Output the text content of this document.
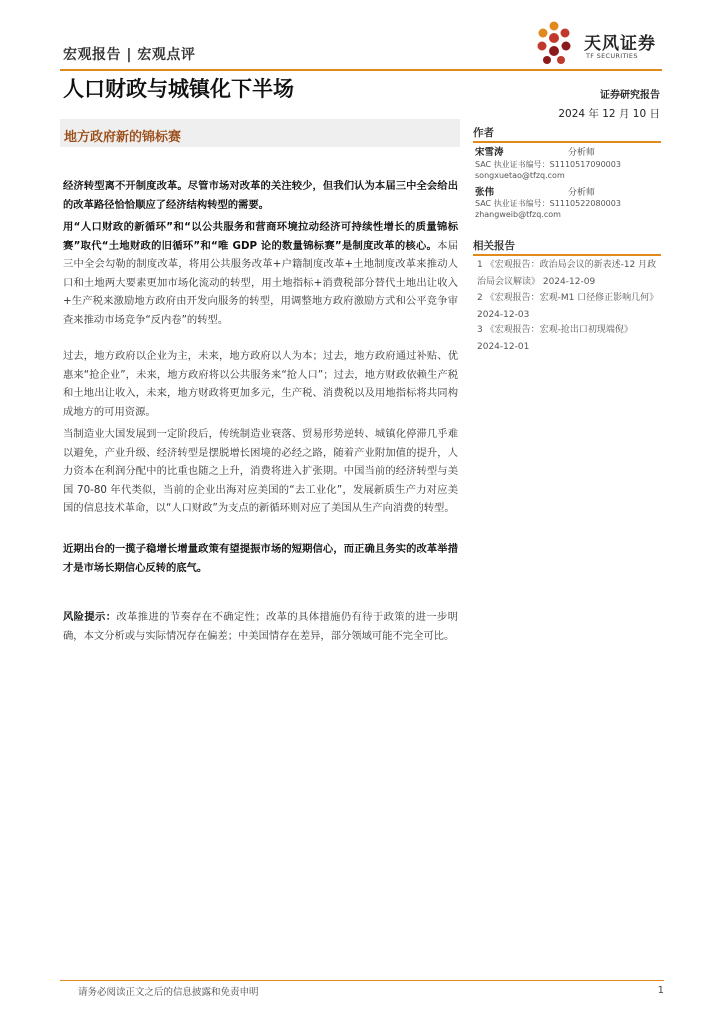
宏观报告 | 宏观点评
人口财政与城镇化下半场
天风证券
TF SECURITIES
证券研究报告
2024 年 12 月 10 日
地方政府新的锦标赛
经济转型离不开制度改革。尽管市场对改革的关注较少，但我们认为本届三中全会给出的改革路径恰恰顺应了经济结构转型的需要。
用“人口财政的新循环”和“以公共服务和营商环境拉动经济可持续性增长的质量锦标赛”取代“土地财政的旧循环”和“唯 GDP 论的数量锦标赛”是制度改革的核心。本届三中全会勾勒的制度改革，将用公共服务改革+户籍制度改革+土地制度改革来推动人口和土地两大要素更加市场化流动的转型，用土地指标+消费税部分替代土地出让收入+生产税来激励地方政府由开发向服务的转型，用调整地方政府激励方式和公平竞争审查来推动市场竞争“反内卷”的转型。
过去，地方政府以企业为主，未来，地方政府以人为本；过去，地方政府通过补贴、优惠来“抢企业”，未来，地方政府将以公共服务来“抢人口”；过去，地方财政依赖生产税和土地出让收入，未来，地方财政将更加多元，生产税、消费税以及用地指标将共同构成地方的可用资源。
当制造业大国发展到一定阶段后，传统制造业衰落、贸易形势逆转、城镇化停滞几乎难以避免，产业升级、经济转型是摆脱增长困境的必经之路，随着产业附加值的提升，人力资本在利润分配中的比重也随之上升，消费将进入扩张期。中国当前的经济转型与美国 70-80 年代类似，当前的企业出海对应美国的“去工业化”，发展新质生产力对应美国的信息技术革命，以“人口财政”为支点的新循环则对应了美国从生产向消费的转型。
近期出台的一揽子稳增长增量政策有望提振市场的短期信心，而正确且务实的改革举措才是市场长期信心反转的底气。
风险提示：改革推进的节奏存在不确定性；改革的具体措施仍有待于政策的进一步明确，本文分析或与实际情况存在偏差；中美国情存在差异，部分领域可能不完全可比。
作者
宋雪涛	分析师
SAC 执业证书编号：S1110517090003
songxuetao@tfzq.com
张伟	分析师
SAC 执业证书编号：S1110522080003
zhangweib@tfzq.com
相关报告
1 《宏观报告：政治局会议的新表述-12 月政治局会议解读》 2024-12-09
2 《宏观报告：宏观-M1 口径修正影响几何》 2024-12-03
3 《宏观报告：宏观-抢出口初现端倪》 2024-12-01
请务必阅读正文之后的信息披露和免责申明	1
